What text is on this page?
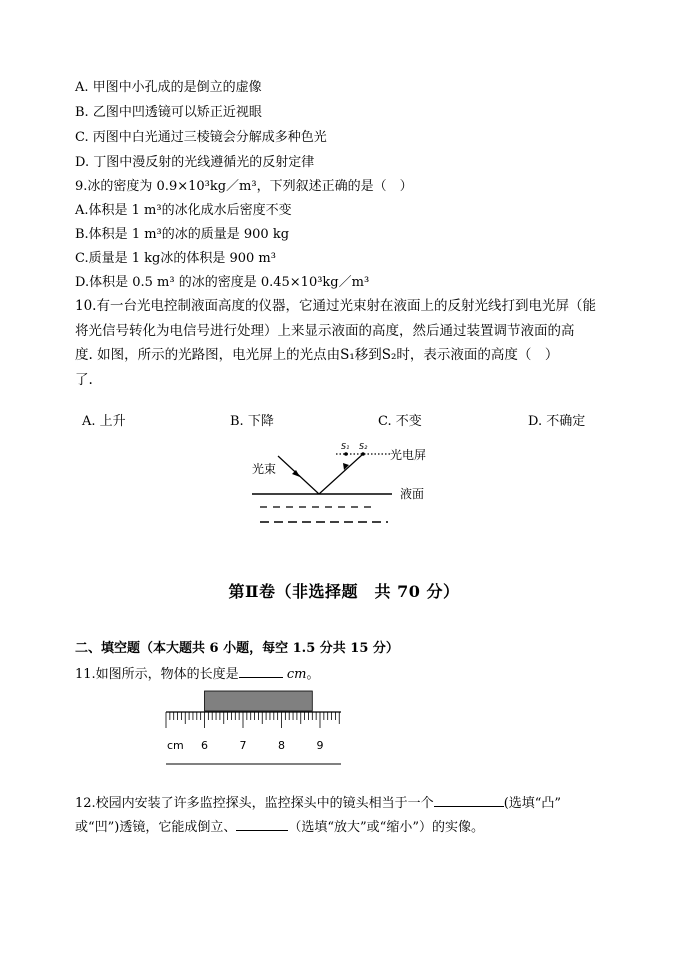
A. 甲图中小孔成的是倒立的虚像
B. 乙图中凹透镜可以矫正近视眼
C. 丙图中白光通过三棱镜会分解成多种色光
D. 丁图中漫反射的光线遵循光的反射定律
9.冰的密度为 0.9×10³kg／m³，下列叙述正确的是（　）
A.体积是 1 m³的冰化成水后密度不变
B.体积是 1 m³的冰的质量是 900 kg
C.质量是 1 kg冰的体积是 900 m³
D.体积是 0.5 m³ 的冰的密度是 0.45×10³kg／m³
10.有一台光电控制液面高度的仪器，它通过光束射在液面上的反射光线打到电光屏（能
将光信号转化为电信号进行处理）上来显示液面的高度，然后通过装置调节液面的高
度. 如图，所示的光路图，电光屏上的光点由S₁移到S₂时，表示液面的高度（　）
了.
A. 上升	B. 下降	C. 不变	D. 不确定
光束
S₁ S₂
光电屏
液面
第Ⅱ卷（非选择题　共 70 分）
二、填空题（本大题共 6 小题，每空 1.5 分共 15 分）
11.如图所示，物体的长度是	cm。
cm 6	7	8	9
12.校园内安装了许多监控探头，监控探头中的镜头相当于一个	(选填“凸”
或“凹”)透镜，它能成倒立、	（选填“放大”或“缩小”）的实像。
